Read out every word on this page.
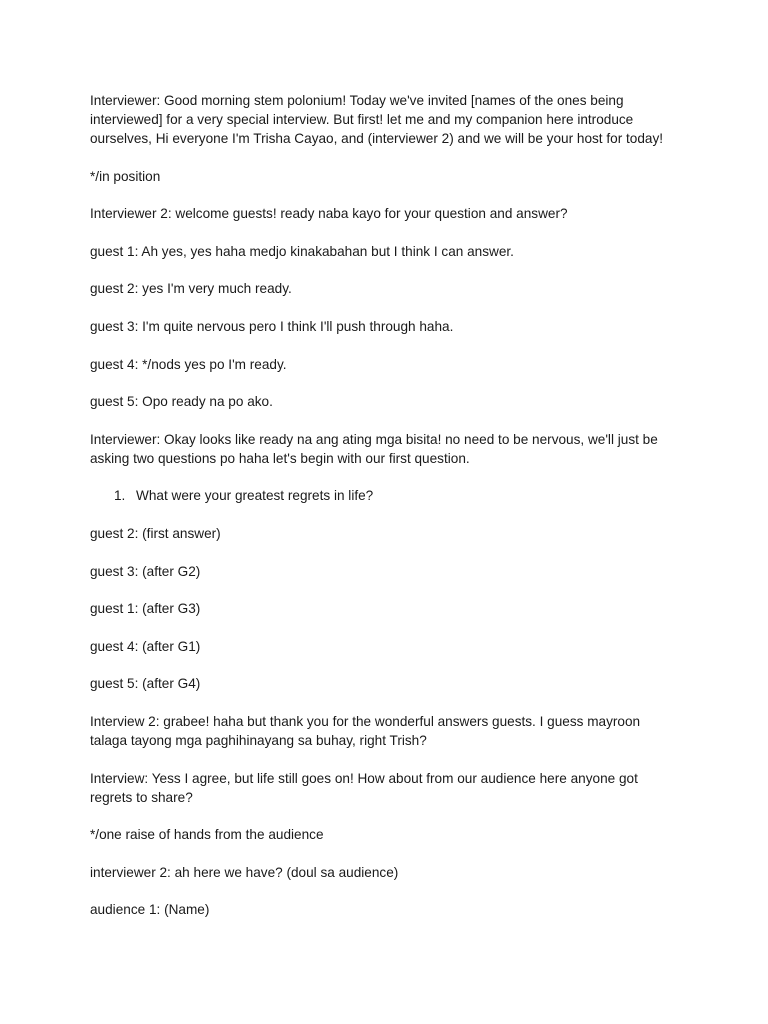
Interviewer: Good morning stem polonium! Today we've invited [names of the ones being interviewed] for a very special interview. But first! let me and my companion here introduce ourselves, Hi everyone I'm Trisha Cayao, and (interviewer 2) and we will be your host for today!

*/in position

Interviewer 2: welcome guests! ready naba kayo for your question and answer?

guest 1: Ah yes, yes haha medjo kinakabahan but I think I can answer.

guest 2: yes I'm very much ready.

guest 3: I'm quite nervous pero I think I'll push through haha.

guest 4: */nods yes po I'm ready.

guest 5: Opo ready na po ako.

Interviewer: Okay looks like ready na ang ating mga bisita! no need to be nervous, we'll just be asking two questions po haha let's begin with our first question.

1. What were your greatest regrets in life?

guest 2: (first answer)

guest 3: (after G2)

guest 1: (after G3)

guest 4: (after G1)

guest 5: (after G4)

Interview 2: grabee! haha but thank you for the wonderful answers guests. I guess mayroon talaga tayong mga paghihinayang sa buhay, right Trish?

Interview: Yess I agree, but life still goes on! How about from our audience here anyone got regrets to share?

*/one raise of hands from the audience

interviewer 2: ah here we have? (doul sa audience)

audience 1: (Name)
